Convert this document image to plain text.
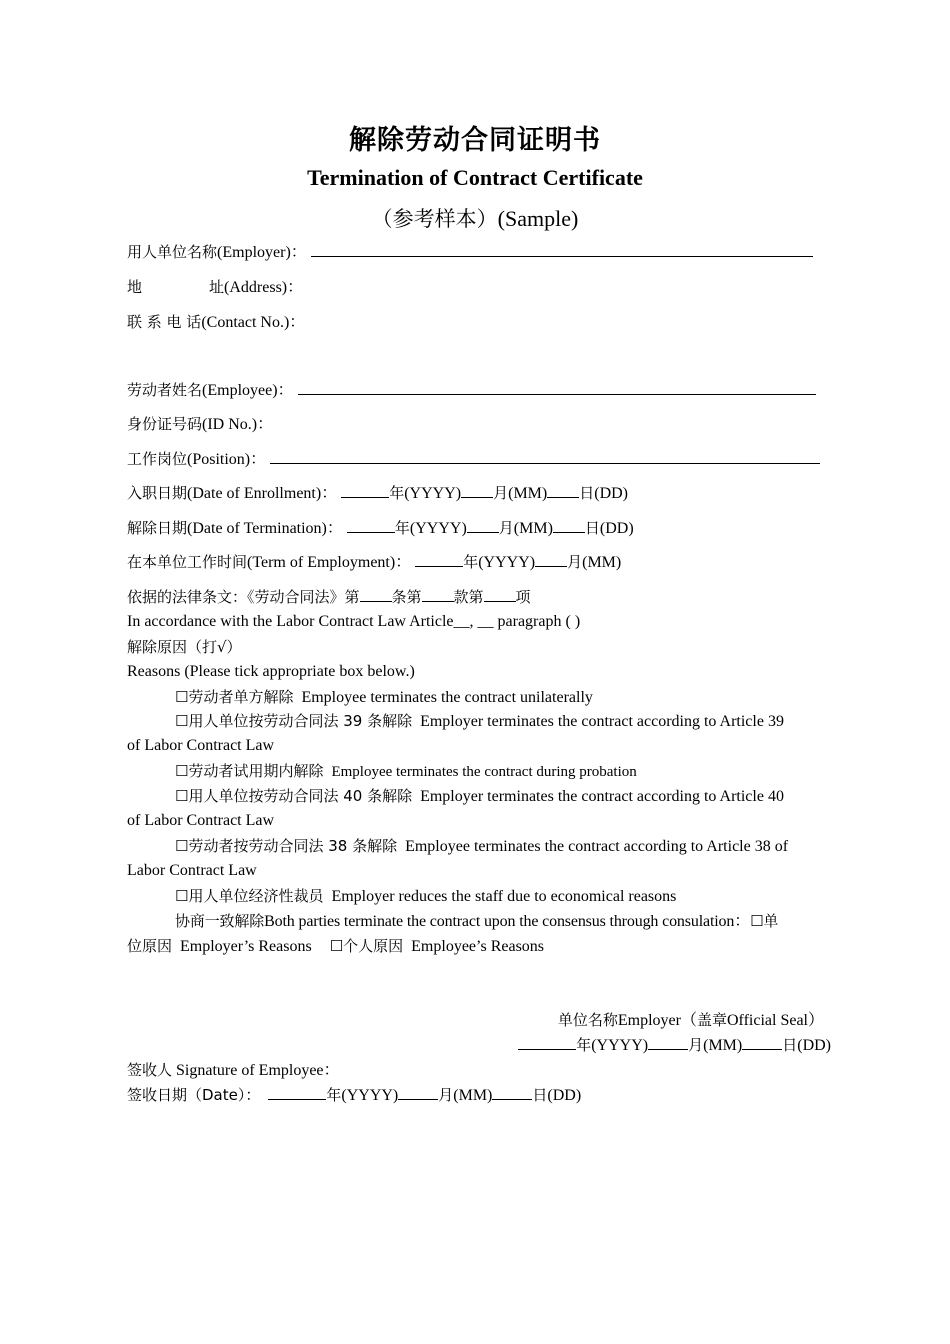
解除劳动合同证明书
Termination of Contract Certificate
（参考样本）(Sample)
用人单位名称(Employer)：
地	址(Address)：
联 系 电 话(Contact No.)：
劳动者姓名(Employee)：
身份证号码(ID No.)：
工作岗位(Position)：
入职日期(Date of Enrollment)：	年(YYYY) 月(MM) 日(DD)
解除日期(Date of Termination)：	年(YYYY) 月(MM) 日(DD)
在本单位工作时间(Term of Employment)：	年(YYYY) 月(MM)
依据的法律条文：《劳动合同法》第 条第 款第 项
In accordance with the Labor Contract Law Article__, __ paragraph ( )
解除原因（打√）
Reasons (Please tick appropriate box below.)
☐劳动者单方解除 Employee terminates the contract unilaterally
☐用人单位按劳动合同法 39 条解除 Employer terminates the contract according to Article 39
of Labor Contract Law
☐劳动者试用期内解除 Employee terminates the contract during probation
☐用人单位按劳动合同法 40 条解除 Employer terminates the contract according to Article 40
of Labor Contract Law
☐劳动者按劳动合同法 38 条解除 Employee terminates the contract according to Article 38 of
Labor Contract Law
☐用人单位经济性裁员 Employer reduces the staff due to economical reasons
协商一致解除Both parties terminate the contract upon the consensus through consulation：☐单
位原因 Employer’s Reasons ☐个人原因 Employee’s Reasons
单位名称Employer（盖章Official Seal）
年(YYYY)	月(MM)	日(DD)
签收人 Signature of Employee：
签收日期（Date）：	年(YYYY)	月(MM)	日(DD)
